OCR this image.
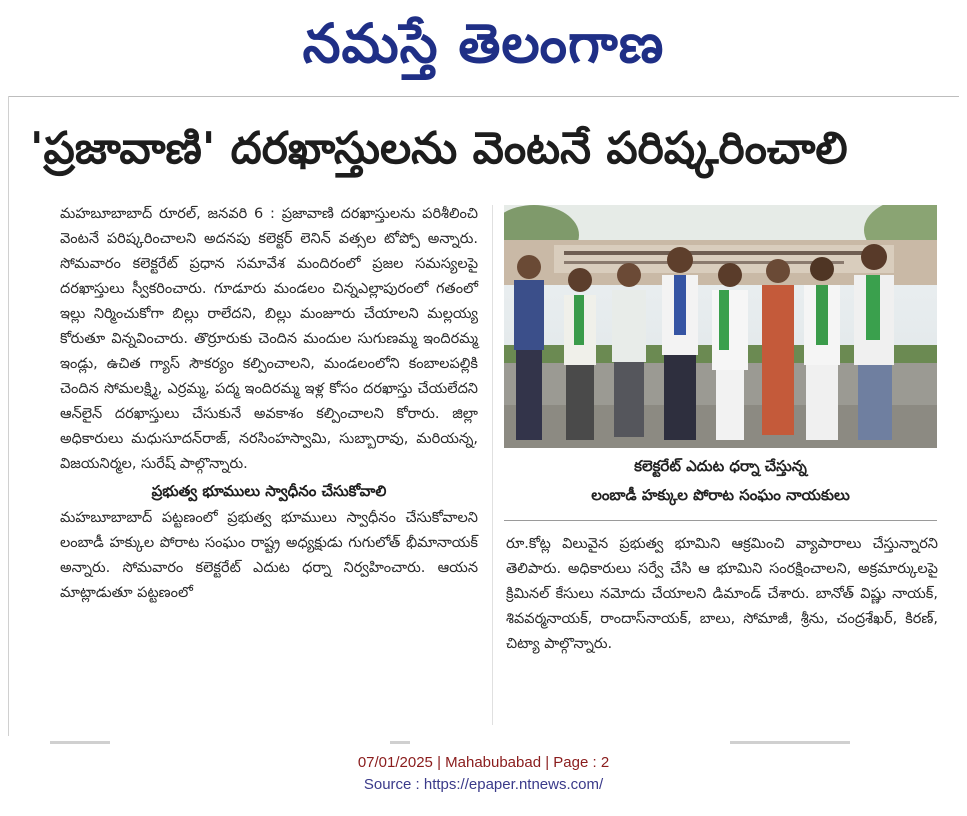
నమస్తే తెలంగాణ
'ప్రజావాణి' దరఖాస్తులను వెంటనే పరిష్కరించాలి

మహబూబాబాద్ రూరల్, జనవరి 6 : ప్రజావాణి దరఖాస్తులను పరిశీలించి వెంటనే పరిష్కరించాలని అదనపు కలెక్టర్ లెనిన్ వత్సల టోప్పో అన్నారు. సోమవారం కలెక్టరేట్ ప్రధాన సమావేశ మందిరంలో ప్రజల సమస్యలపై దరఖాస్తులు స్వీకరించారు. గూడూరు మండలం చిన్నఎల్లాపురంలో గతంలో ఇల్లు నిర్మించుకోగా బిల్లు రాలేదని, బిల్లు మంజూరు చేయాలని మల్లయ్య కోరుతూ విన్నవించారు. తొర్రూరుకు చెందిన మందుల సుగుణమ్మ ఇందిరమ్మ ఇండ్లు, ఉచిత గ్యాస్ సౌకర్యం కల్పించాలని, మండలంలోని కంబాలపల్లికి చెందిన సోమలక్ష్మి, ఎర్రమ్మ, పద్మ ఇందిరమ్మ ఇళ్ల కోసం దరఖాస్తు చేయలేదని ఆన్‌లైన్ దరఖాస్తులు చేసుకునే అవకాశం కల్పించాలని కోరారు. జిల్లా అధికారులు మధుసూదన్‌రాజ్, నరసింహస్వామి, సుబ్బారావు, మరియన్న, విజయనిర్మల, సురేష్ పాల్గొన్నారు.

ప్రభుత్వ భూములు స్వాధీనం చేసుకోవాలి

మహబూబాబాద్ పట్టణంలో ప్రభుత్వ భూములు స్వాధీనం చేసుకోవాలని లంబాడీ హక్కుల పోరాట సంఘం రాష్ట్ర అధ్యక్షుడు గుగులోత్ భీమానాయక్ అన్నారు. సోమవారం కలెక్టరేట్ ఎదుట ధర్నా నిర్వహించారు. ఆయన మాట్లాడుతూ పట్టణంలో

కలెక్టరేట్ ఎదుట ధర్నా చేస్తున్న
లంబాడీ హక్కుల పోరాట సంఘం నాయకులు

రూ.కోట్ల విలువైన ప్రభుత్వ భూమిని ఆక్రమించి వ్యాపారాలు చేస్తున్నారని తెలిపారు. అధికారులు సర్వే చేసి ఆ భూమిని సంరక్షించాలని, అక్రమార్కులపై క్రిమినల్ కేసులు నమోదు చేయాలని డిమాండ్ చేశారు. బానోత్ విష్ణు నాయక్, శివవర్మనాయక్, రాందాస్‌నాయక్, బాలు, సోమాజీ, శ్రీను, చంద్రశేఖర్, కిరణ్, చిట్యా పాల్గొన్నారు.

07/01/2025 | Mahabubabad | Page : 2
Source : https://epaper.ntnews.com/
